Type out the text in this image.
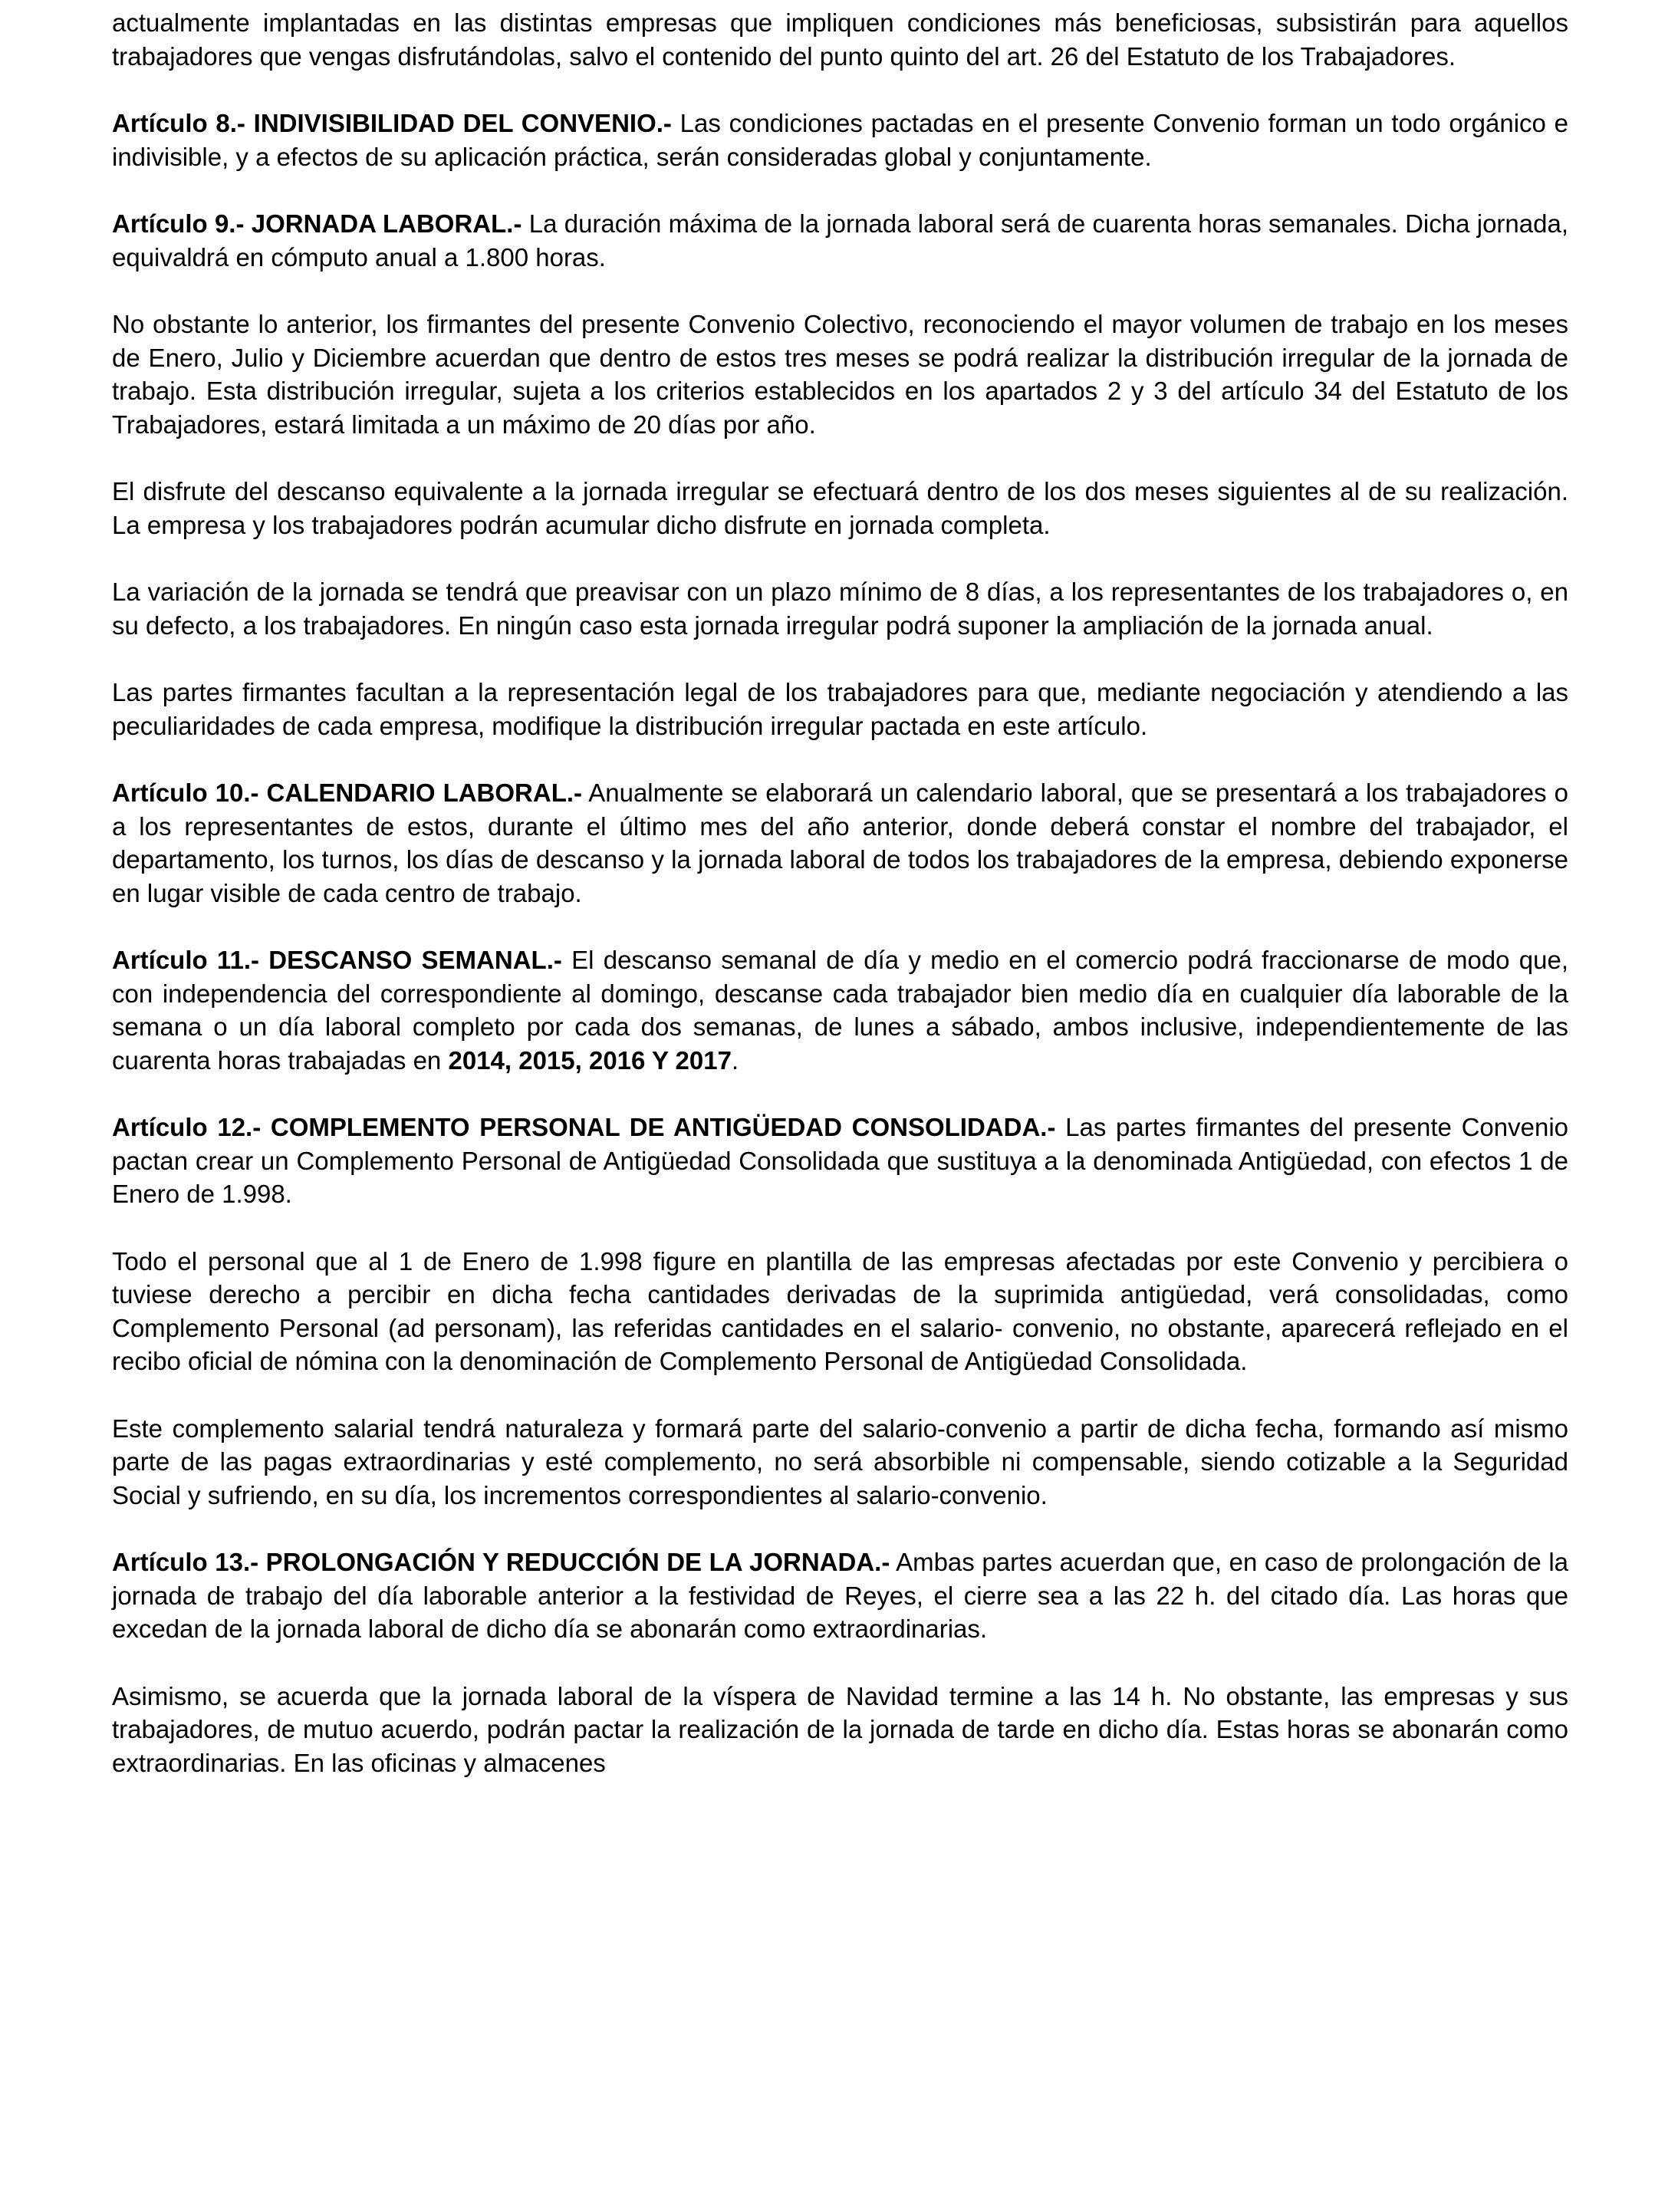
actualmente implantadas en las distintas empresas que impliquen condiciones más beneficiosas, subsistirán para aquellos trabajadores que vengas disfrutándolas, salvo el contenido del punto quinto del art. 26 del Estatuto de los Trabajadores.

Artículo 8.- INDIVISIBILIDAD DEL CONVENIO.- Las condiciones pactadas en el presente Convenio forman un todo orgánico e indivisible, y a efectos de su aplicación práctica, serán consideradas global y conjuntamente.

Artículo 9.- JORNADA LABORAL.- La duración máxima de la jornada laboral será de cuarenta horas semanales. Dicha jornada, equivaldrá en cómputo anual a 1.800 horas.

No obstante lo anterior, los firmantes del presente Convenio Colectivo, reconociendo el mayor volumen de trabajo en los meses de Enero, Julio y Diciembre acuerdan que dentro de estos tres meses se podrá realizar la distribución irregular de la jornada de trabajo. Esta distribución irregular, sujeta a los criterios establecidos en los apartados 2 y 3 del artículo 34 del Estatuto de los Trabajadores, estará limitada a un máximo de 20 días por año.

El disfrute del descanso equivalente a la jornada irregular se efectuará dentro de los dos meses siguientes al de su realización. La empresa y los trabajadores podrán acumular dicho disfrute en jornada completa.

La variación de la jornada se tendrá que preavisar con un plazo mínimo de 8 días, a los representantes de los trabajadores o, en su defecto, a los trabajadores. En ningún caso esta jornada irregular podrá suponer la ampliación de la jornada anual.

Las partes firmantes facultan a la representación legal de los trabajadores para que, mediante negociación y atendiendo a las peculiaridades de cada empresa, modifique la distribución irregular pactada en este artículo.

Artículo 10.- CALENDARIO LABORAL.- Anualmente se elaborará un calendario laboral, que se presentará a los trabajadores o a los representantes de estos, durante el último mes del año anterior, donde deberá constar el nombre del trabajador, el departamento, los turnos, los días de descanso y la jornada laboral de todos los trabajadores de la empresa, debiendo exponerse en lugar visible de cada centro de trabajo.

Artículo 11.- DESCANSO SEMANAL.- El descanso semanal de día y medio en el comercio podrá fraccionarse de modo que, con independencia del correspondiente al domingo, descanse cada trabajador bien medio día en cualquier día laborable de la semana o un día laboral completo por cada dos semanas, de lunes a sábado, ambos inclusive, independientemente de las cuarenta horas trabajadas en 2014, 2015, 2016 Y 2017.

Artículo 12.- COMPLEMENTO PERSONAL DE ANTIGÜEDAD CONSOLIDADA.- Las partes firmantes del presente Convenio pactan crear un Complemento Personal de Antigüedad Consolidada que sustituya a la denominada Antigüedad, con efectos 1 de Enero de 1.998.

Todo el personal que al 1 de Enero de 1.998 figure en plantilla de las empresas afectadas por este Convenio y percibiera o tuviese derecho a percibir en dicha fecha cantidades derivadas de la suprimida antigüedad, verá consolidadas, como Complemento Personal (ad personam), las referidas cantidades en el salario- convenio, no obstante, aparecerá reflejado en el recibo oficial de nómina con la denominación de Complemento Personal de Antigüedad Consolidada.

Este complemento salarial tendrá naturaleza y formará parte del salario-convenio a partir de dicha fecha, formando así mismo parte de las pagas extraordinarias y esté complemento, no será absorbible ni compensable, siendo cotizable a la Seguridad Social y sufriendo, en su día, los incrementos correspondientes al salario-convenio.

Artículo 13.- PROLONGACIÓN Y REDUCCIÓN DE LA JORNADA.- Ambas partes acuerdan que, en caso de prolongación de la jornada de trabajo del día laborable anterior a la festividad de Reyes, el cierre sea a las 22 h. del citado día. Las horas que excedan de la jornada laboral de dicho día se abonarán como extraordinarias.

Asimismo, se acuerda que la jornada laboral de la víspera de Navidad termine a las 14 h. No obstante, las empresas y sus trabajadores, de mutuo acuerdo, podrán pactar la realización de la jornada de tarde en dicho día. Estas horas se abonarán como extraordinarias. En las oficinas y almacenes
